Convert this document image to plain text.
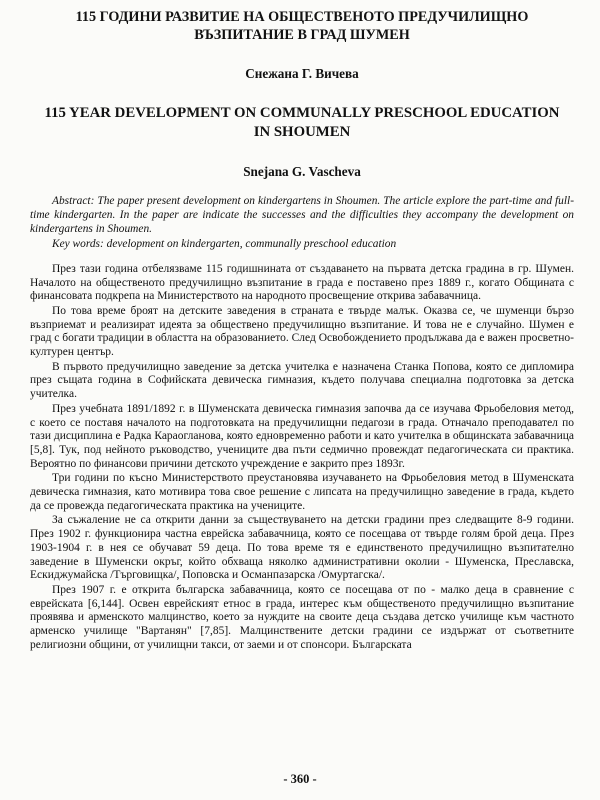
115 ГОДИНИ РАЗВИТИЕ НА ОБЩЕСТВЕНОТО ПРЕДУЧИЛИЩНО
ВЪЗПИТАНИЕ В ГРАД ШУМЕН
Снежана Г. Вичева
115 YEAR DEVELOPMENT ON COMMUNALLY PRESCHOOL EDUCATION
IN SHOUMEN
Snejana G. Vascheva
Abstract: The paper present development on kindergartens in Shoumen. The article explore the part-time and full-time kindergarten. In the paper are indicate the successes and the difficulties they accompany the development on kindergartens in Shoumen.
Key words: development on kindergarten, communally preschool education

През тази година отбелязваме 115 годишнината от създаването на първата детска градина в гр. Шумен. Началото на общественото предучилищно възпитание в града е поставено през 1889 г., когато Общината с финансовата подкрепа на Министерството на народното просвещение открива забавачница.

По това време броят на детските заведения в страната е твърде малък. Оказва се, че шуменци бързо възприемат и реализират идеята за обществено предучилищно възпитание. И това не е случайно. Шумен е град с богати традиции в областта на образованието. След Освобождението продължава да е важен просветно-културен център.

В първото предучилищно заведение за детска учителка е назначена Станка Попова, която се дипломира през същата година в Софийската девическа гимназия, където получава специална подготовка за детска учителка.

През учебната 1891/1892 г. в Шуменската девическа гимназия започва да се изучава Фрьобеловия метод, с което се поставя началото на подготовката на предучилищни педагози в града. Отначало преподавател по тази дисциплина е Радка Караогланова, която едновременно работи и като учителка в общинската забавачница [5,8]. Тук, под нейното ръководство, учениците два пъти седмично провеждат педагогическата си практика. Вероятно по финансови причини детското учреждение е закрито през 1893г.

Три години по късно Министерството преустановява изучаването на Фрьобеловия метод в Шуменската девическа гимназия, като мотивира това свое решение с липсата на предучилищно заведение в града, където да се провежда педагогическата практика на учениците.

За съжаление не са открити данни за съществуването на детски градини през следващите 8-9 години. През 1902 г. функционира частна еврейска забавачница, която се посещава от твърде голям брой деца. През 1903-1904 г. в нея се обучават 59 деца. По това време тя е единственото предучилищно възпитателно заведение в Шуменски окръг, който обхваща няколко административни околии - Шуменска, Преславска, Ескиджумайска /Търговищка/, Поповска и Османпазарска /Омуртагска/.

През 1907 г. е открита българска забавачница, която се посещава от по - малко деца в сравнение с еврейската [6,144]. Освен еврейският етнос в града, интерес към общественото предучилищно възпитание проявява и арменското малцинство, което за нуждите на своите деца създава детско училище към частното арменско училище "Вартанян" [7,85]. Малцинствените детски градини се издържат от съответните религиозни общини, от училищни такси, от заеми и от спонсори. Българската

- 360 -
